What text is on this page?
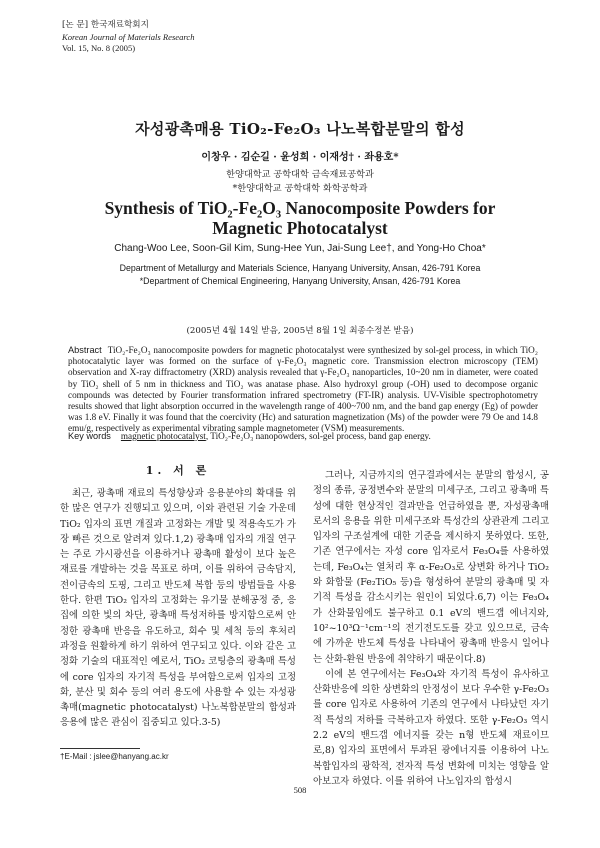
[논 문] 한국재료학회지
Korean Journal of Materials Research
Vol. 15, No. 8 (2005)
자성광촉매용 TiO₂-Fe₂O₃ 나노복합분말의 합성
이창우 · 김순길 · 윤성희 · 이재성† · 좌용호*
한양대학교 공학대학 금속재료공학과
*한양대학교 공학대학 화학공학과
Synthesis of TiO₂-Fe₂O₃ Nanocomposite Powders for
Magnetic Photocatalyst
Chang-Woo Lee, Soon-Gil Kim, Sung-Hee Yun, Jai-Sung Lee†, and Yong-Ho Choa*
Department of Metallurgy and Materials Science, Hanyang University, Ansan, 426-791 Korea
*Department of Chemical Engineering, Hanyang University, Ansan, 426-791 Korea
(2005년 4월 14일 받음, 2005년 8월 1일 최종수정본 받음)
Abstract TiO₂-Fe₂O₃ nanocomposite powders for magnetic photocatalyst were synthesized by sol-gel process, in which TiO₂ photocatalytic layer was formed on the surface of γ-Fe₂O₃ magnetic core. Transmission electron microscopy (TEM) observation and X-ray diffractometry (XRD) analysis revealed that γ-Fe₂O₃ nanoparticles, 10~20 nm in diameter, were coated by TiO₂ shell of 5 nm in thickness and TiO₂ was anatase phase. Also hydroxyl group (-OH) used to decompose organic compounds was detected by Fourier transformation infrared spectrometry (FT-IR) analysis. UV-Visible spectrophotometry results showed that light absorption occurred in the wavelength range of 400~700 nm, and the band gap energy (Eg) of powder was 1.8 eV. Finally it was found that the coercivity (Hc) and saturation magnetization (Ms) of the powder were 79 Oe and 14.8 emu/g, respectively as experimental vibrating sample magnetometer (VSM) measurements.
Key words magnetic photocatalyst, TiO₂-Fe₂O₃ nanopowders, sol-gel process, band gap energy.
1. 서 론

최근, 광촉매 재료의 특성향상과 응용분야의 확대를 위한 많은 연구가 진행되고 있으며, 이와 관련된 기술 가운데 TiO₂ 입자의 표면 개질과 고정화는 개발 및 적용속도가 가장 빠른 것으로 알려져 있다.1,2) 광촉매 입자의 개질 연구는 주로 가시광선을 이용하거나 광촉매 활성이 보다 높은 재료를 개발하는 것을 목표로 하며, 이를 위하여 금속담지, 전이금속의 도핑, 그리고 반도체 복합 등의 방법들을 사용한다. 한편 TiO₂ 입자의 고정화는 유기물 분해공정 중, 응집에 의한 빛의 차단, 광촉매 특성저하를 방지함으로써 안정한 광촉매 반응을 유도하고, 회수 및 세척 등의 후처리 과정을 원활하게 하기 위하여 연구되고 있다. 이와 같은 고정화 기술의 대표적인 예로서, TiO₂ 코팅층의 광촉매 특성에 core 입자의 자기적 특성을 부여함으로써 입자의 고정화, 분산 및 회수 등의 여러 용도에 사용할 수 있는 자성광촉매(magnetic photocatalyst) 나노복합분말의 합성과 응용에 많은 관심이 집중되고 있다.3-5)

그러나, 지금까지의 연구결과에서는 분말의 합성시, 공정의 종류, 공정변수와 분말의 미세구조, 그리고 광촉매 특성에 대한 현상적인 결과만을 언급하였을 뿐, 자성광촉매로서의 응용을 위한 미세구조와 특성간의 상관관계 그리고 입자의 구조설계에 대한 기준을 제시하지 못하였다. 또한, 기존 연구에서는 자성 core 입자로서 Fe₃O₄를 사용하였는데, Fe₃O₄는 열처리 후 α-Fe₂O₃로 상변화 하거나 TiO₂와 화합물 (Fe₂TiO₅ 등)을 형성하여 분말의 광촉매 및 자기적 특성을 감소시키는 원인이 되었다.6,7) 이는 Fe₃O₄가 산화물임에도 불구하고 0.1 eV의 밴드갭 에너지와, 10²~10³Ω⁻¹cm⁻¹의 전기전도도를 갖고 있으므로, 금속에 가까운 반도체 특성을 나타내어 광촉매 반응시 일어나는 산화-환원 반응에 취약하기 때문이다.8)

이에 본 연구에서는 Fe₃O₄와 자기적 특성이 유사하고 산화반응에 의한 상변화의 안정성이 보다 우수한 γ-Fe₂O₃를 core 입자로 사용하여 기존의 연구에서 나타났던 자기적 특성의 저하를 극복하고자 하였다. 또한 γ-Fe₂O₃ 역시 2.2 eV의 밴드갭 에너지를 갖는 n형 반도체 재료이므로,8) 입자의 표면에서 투과된 광에너지를 이용하여 나노복합입자의 광학적, 전자적 특성 변화에 미치는 영향을 알아보고자 하였다. 이를 위하여 나노입자의 합성시

†E-Mail : jslee@hanyang.ac.kr
508
